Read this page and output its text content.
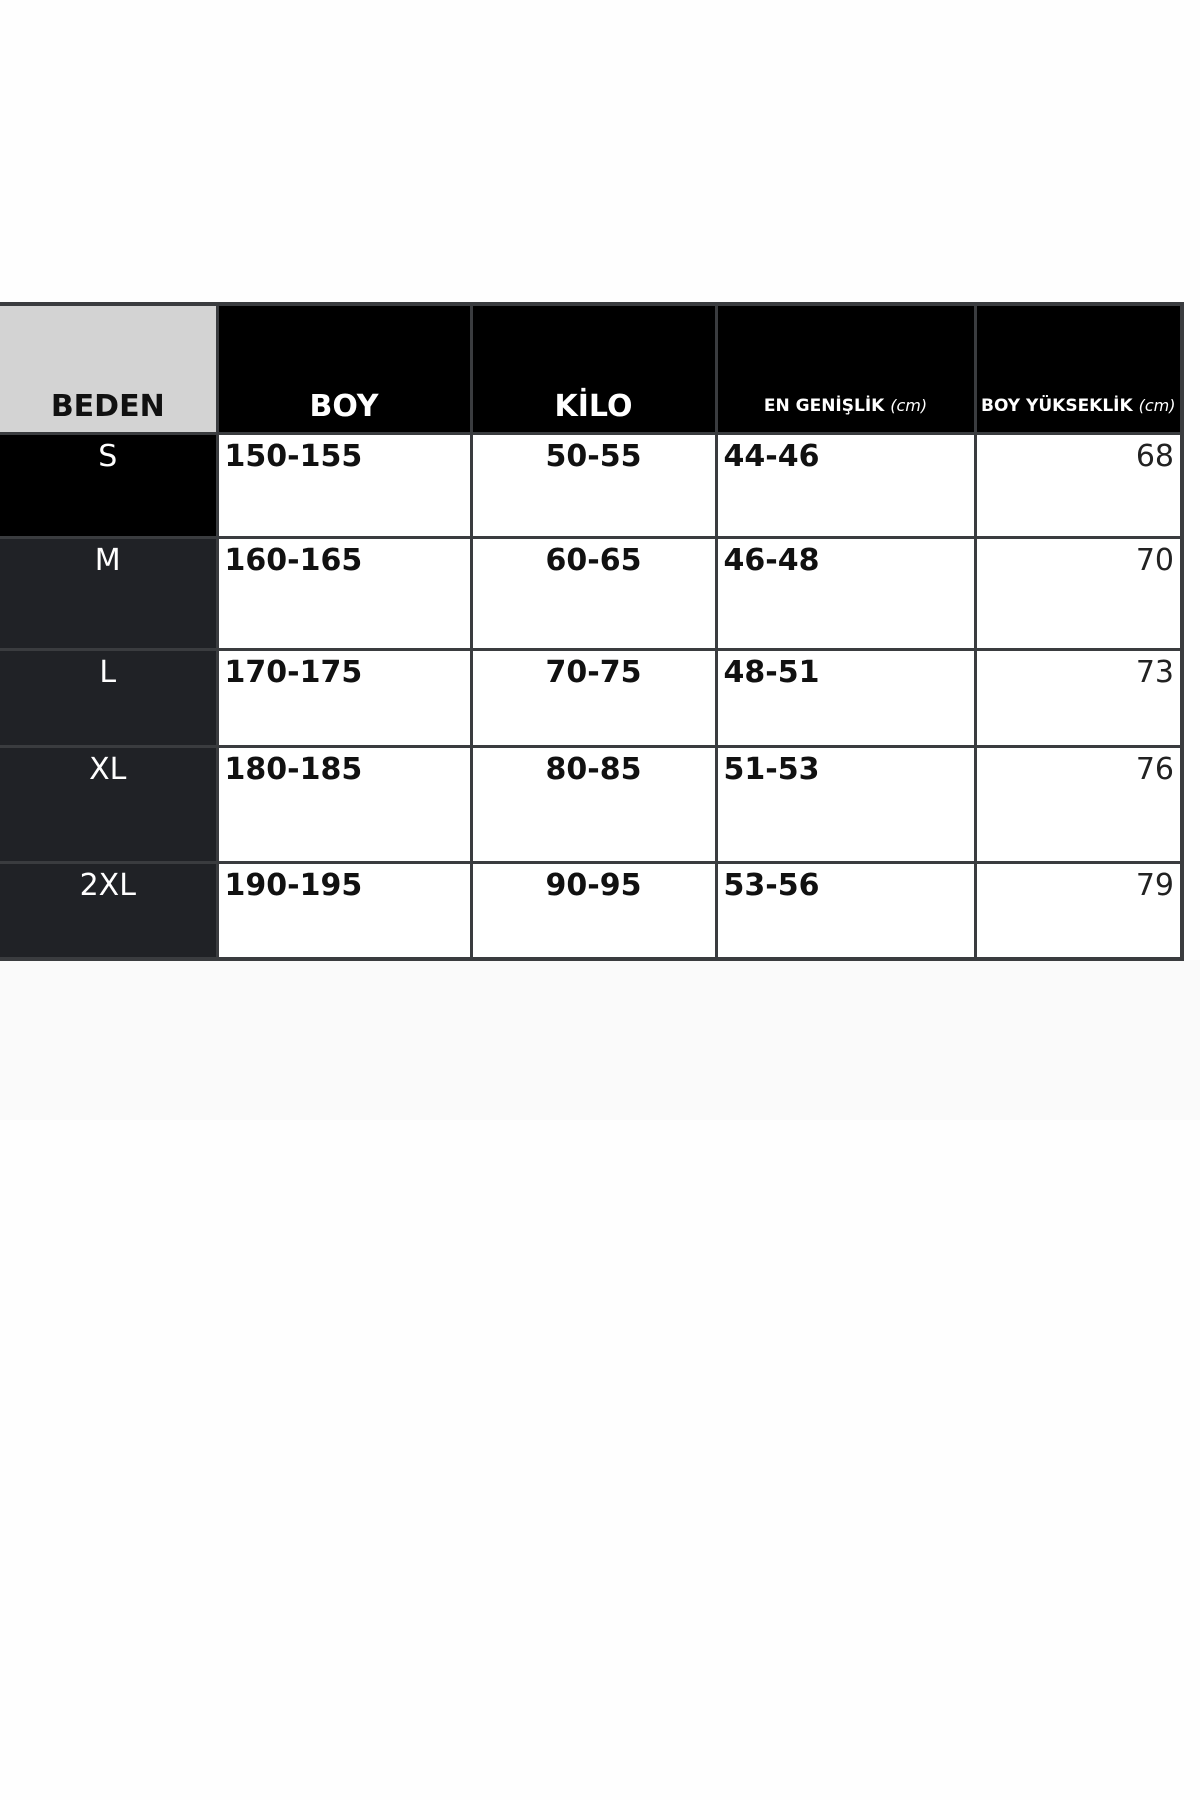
BEDEN	BOY	KİLO	EN GENİŞLİK (cm)	BOY YÜKSEKLİK (cm)
S	150-155	50-55	44-46	68
M	160-165	60-65	46-48	70
L	170-175	70-75	48-51	73
XL	180-185	80-85	51-53	76
2XL	190-195	90-95	53-56	79
